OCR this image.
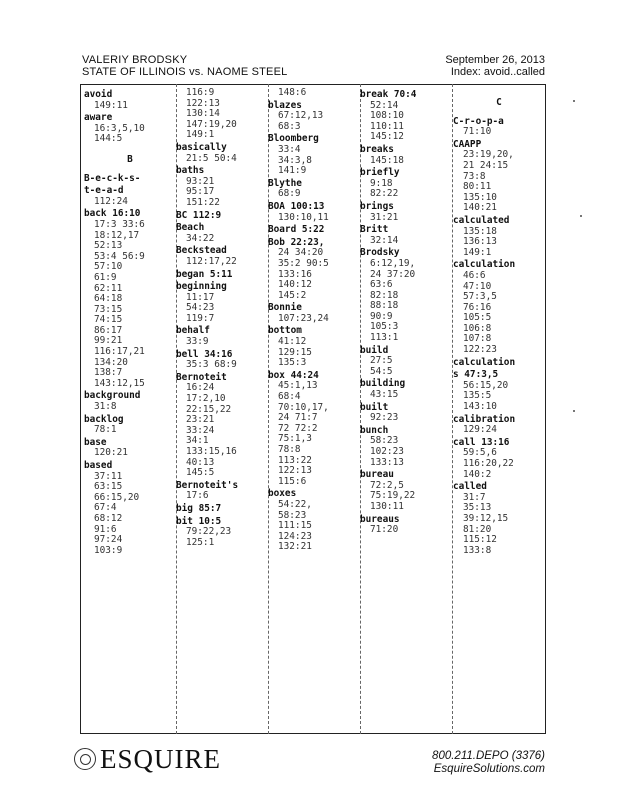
VALERIY BRODSKY
STATE OF ILLINOIS vs. NAOME STEEL
September 26, 2013
Index: avoid..called
avoid
149:11
aware
16:3,5,10
144:5
B
B-e-c-k-s-
t-e-a-d
112:24
back 16:10
17:3 33:6
18:12,17
52:13
53:4 56:9
57:10
61:9
62:11
64:18
73:15
74:15
86:17
99:21
116:17,21
134:20
138:7
143:12,15
background
31:8
backlog
78:1
base
120:21
based
37:11
63:15
66:15,20
67:4
68:12
91:6
97:24
103:9
116:9
122:13
130:14
147:19,20
149:1
basically
21:5 50:4
baths
93:21
95:17
151:22
BC 112:9
Beach
34:22
Beckstead
112:17,22
began 5:11
beginning
11:17
54:23
119:7
behalf
33:9
bell 34:16
35:3 68:9
Bernoteit
16:24
17:2,10
22:15,22
23:21
33:24
34:1
133:15,16
40:13
145:5
Bernoteit's
17:6
big 85:7
bit 10:5
79:22,23
125:1
148:6
blazes
67:12,13
68:3
Bloomberg
33:4
34:3,8
141:9
Blythe
68:9
BOA 100:13
130:10,11
Board 5:22
Bob 22:23,
24 34:20
35:2 90:5
133:16
140:12
145:2
Bonnie
107:23,24
bottom
41:12
129:15
135:3
box 44:24
45:1,13
68:4
70:10,17,
24 71:7
72 72:2
75:1,3
78:8
113:22
122:13
115:6
boxes
54:22,
58:23
111:15
124:23
132:21
break 70:4
52:14
108:10
110:11
145:12
breaks
145:18
briefly
9:18
82:22
brings
31:21
Britt
32:14
Brodsky
6:12,19,
24 37:20
63:6
82:18
88:18
90:9
105:3
113:1
build
27:5
54:5
building
43:15
built
92:23
bunch
58:23
102:23
133:13
bureau
72:2,5
75:19,22
130:11
bureaus
71:20
C
C-r-o-p-a
71:10
CAAPP
23:19,20,
21 24:15
73:8
80:11
135:10
140:21
calculated
135:18
136:13
149:1
calculation
46:6
47:10
57:3,5
76:16
105:5
106:8
107:8
122:23
calculation
s 47:3,5
56:15,20
135:5
143:10
calibration
129:24
call 13:16
59:5,6
116:20,22
140:2
called
31:7
35:13
39:12,15
81:20
115:12
133:8
ESQUIRE	800.211.DEPO (3376)
EsquireSolutions.com
